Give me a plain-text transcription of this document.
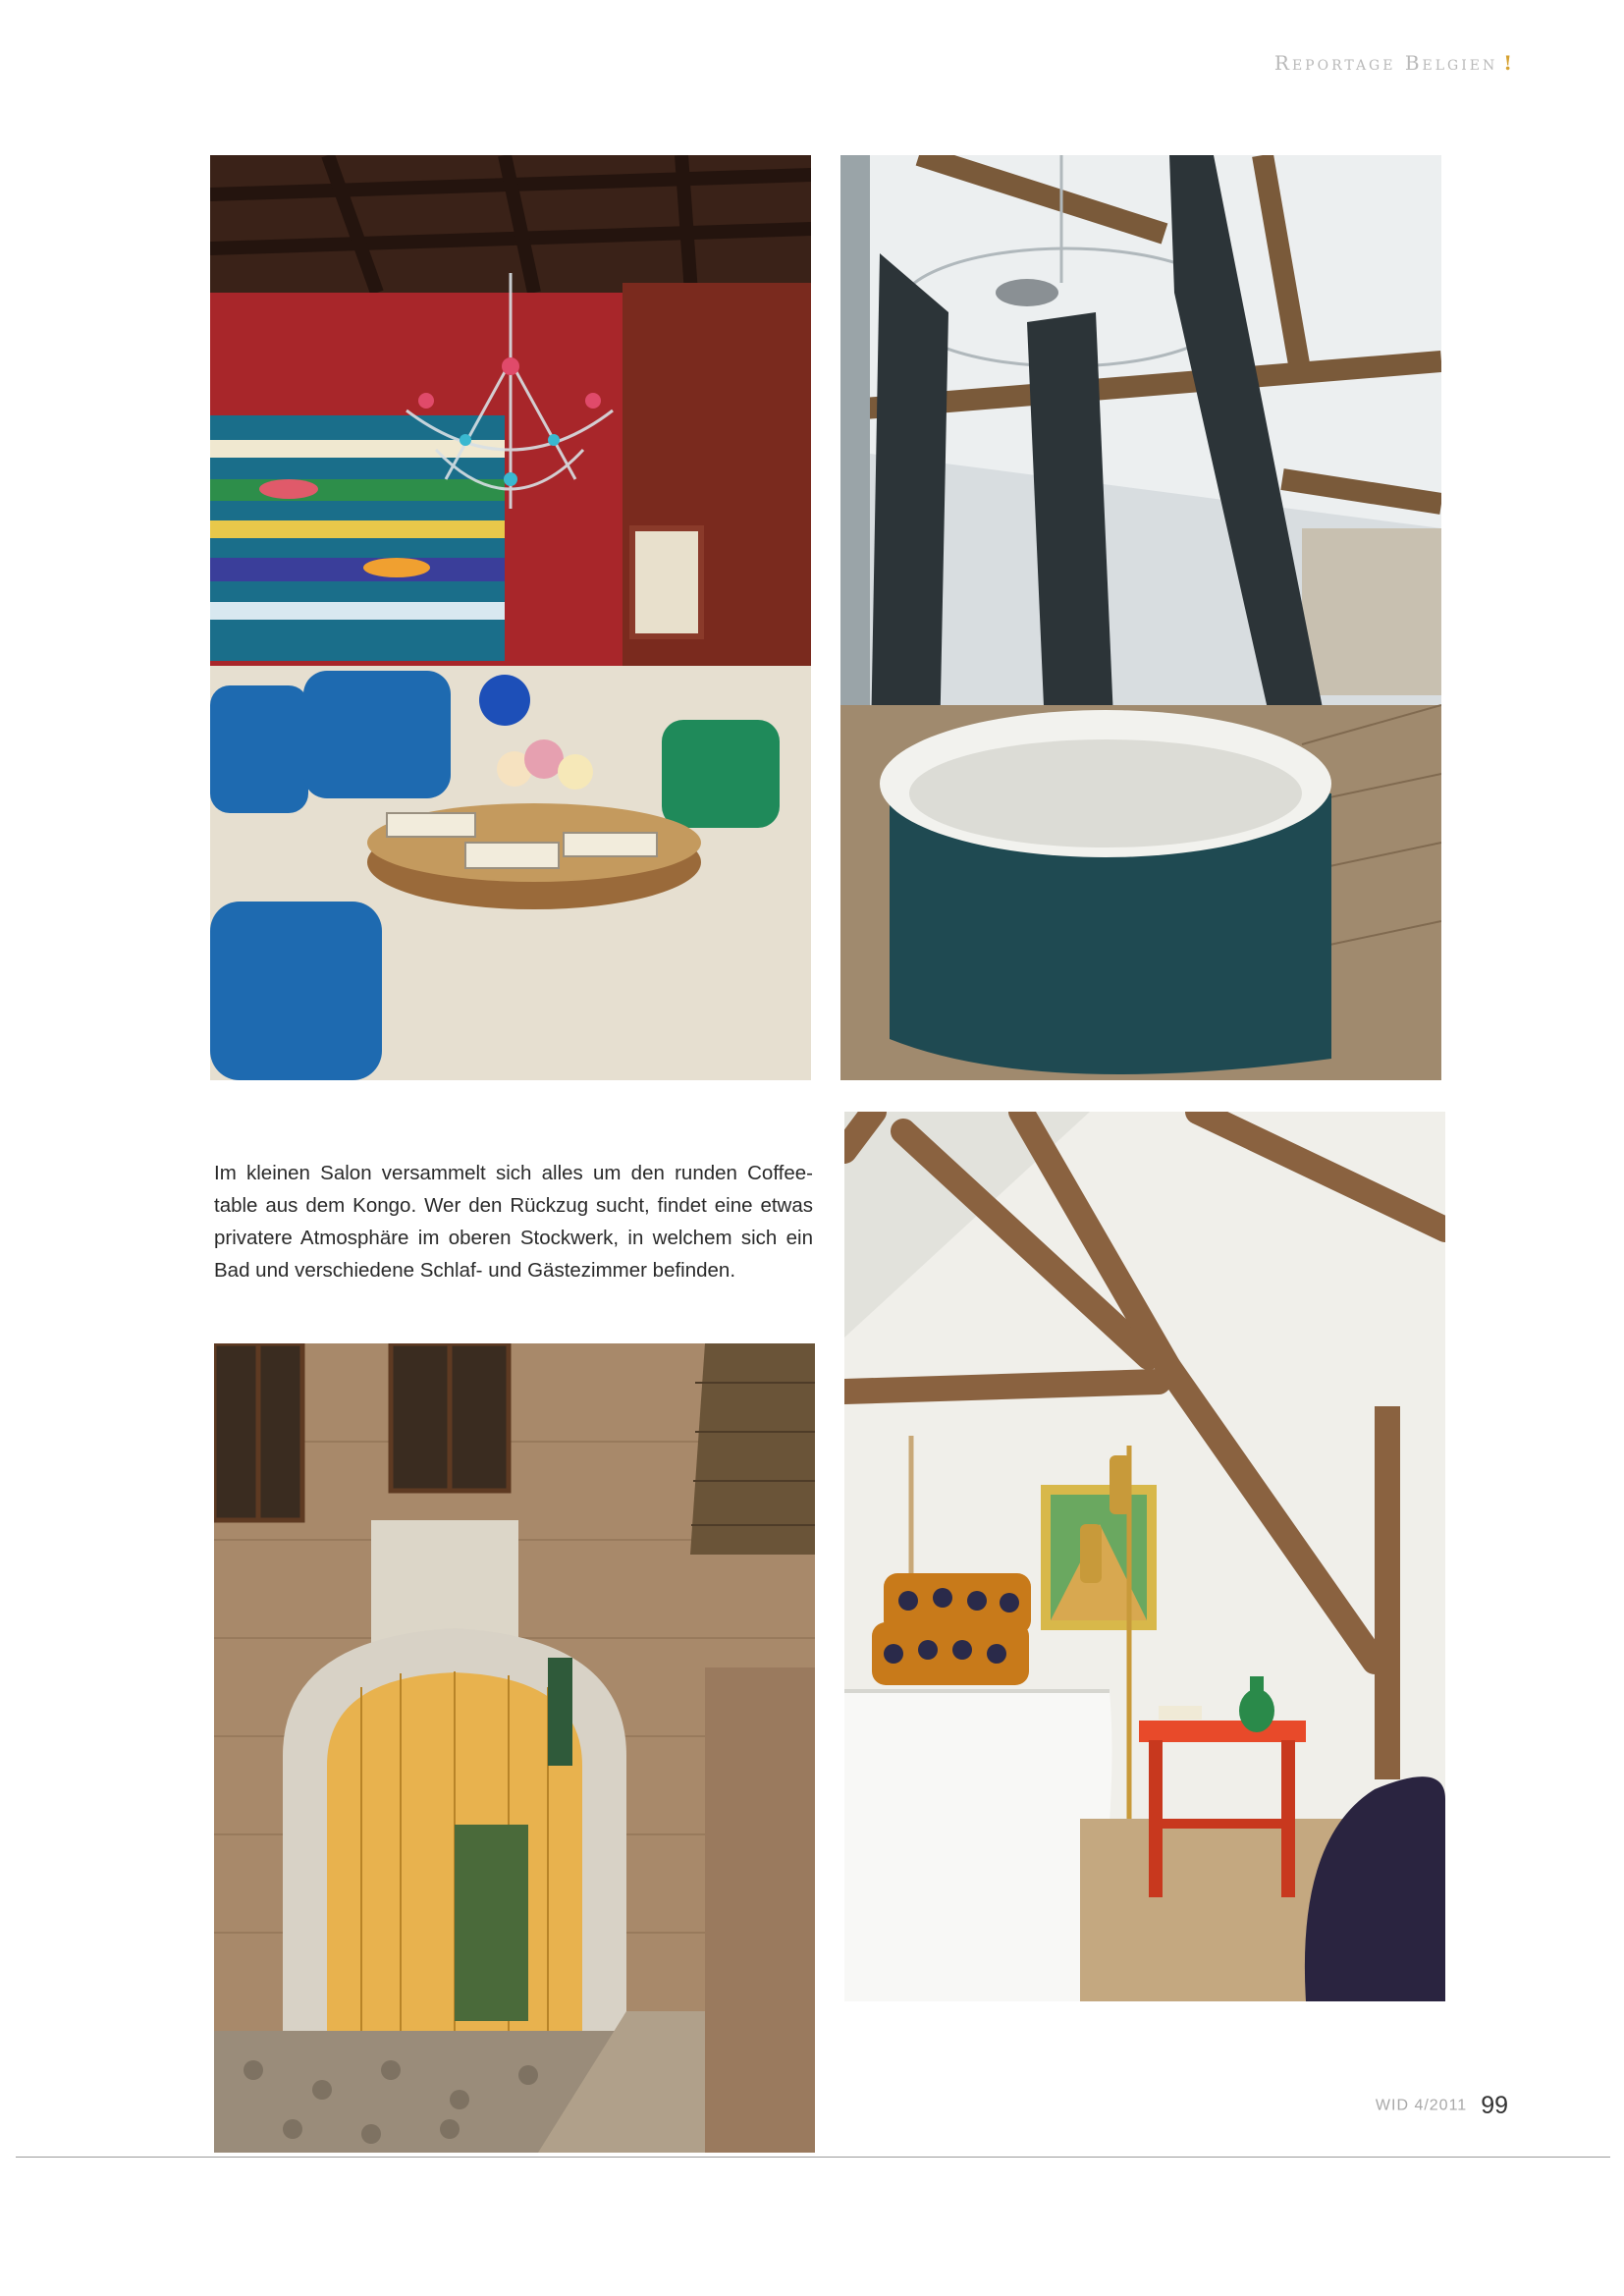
Reportage Belgien !
Im kleinen Salon versammelt sich alles um den runden Coffee-table aus dem Kongo. Wer den Rückzug sucht, findet eine etwas privatere Atmosphäre im oberen Stockwerk, in welchem sich ein Bad und verschiedene Schlaf- und Gästezimmer befinden.
WID 4/2011 99
